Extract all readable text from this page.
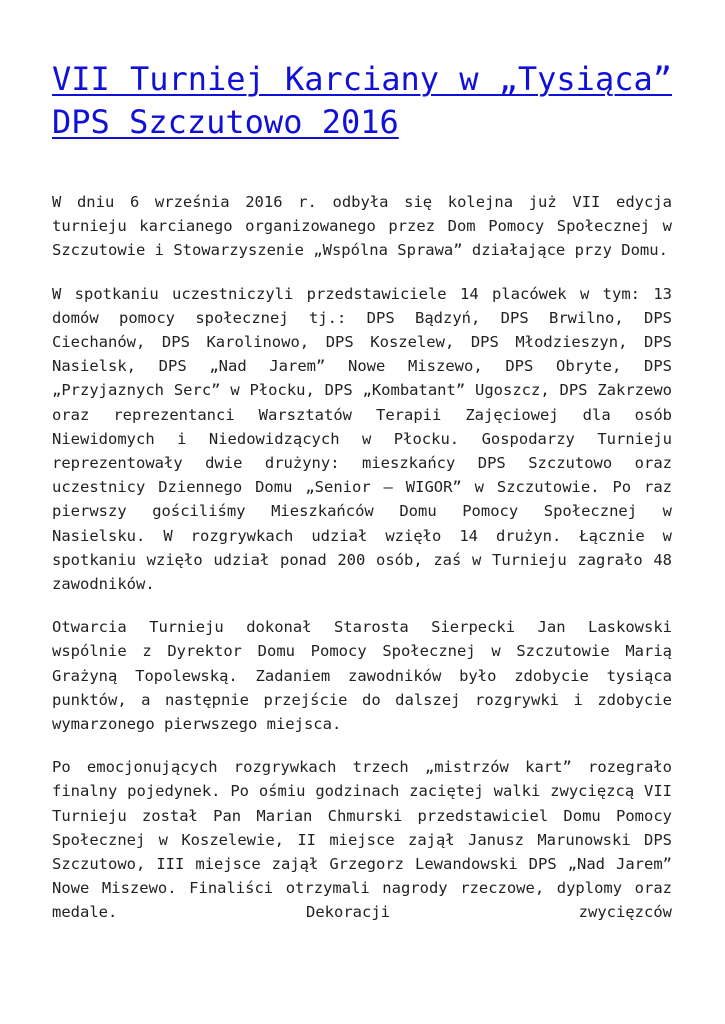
VII Turniej Karciany w „Tysiąca” DPS Szczutowo 2016

W dniu 6 września 2016 r. odbyła się kolejna już VII edycja turnieju karcianego organizowanego przez Dom Pomocy Społecznej w Szczutowie i Stowarzyszenie „Wspólna Sprawa” działające przy Domu.

W spotkaniu uczestniczyli przedstawiciele 14 placówek w tym: 13 domów pomocy społecznej tj.: DPS Bądzyń, DPS Brwilno, DPS Ciechanów, DPS Karolinowo, DPS Koszelew, DPS Młodzieszyn, DPS Nasielsk, DPS „Nad Jarem” Nowe Miszewo, DPS Obryte, DPS „Przyjaznych Serc” w Płocku, DPS „Kombatant” Ugoszcz, DPS Zakrzewo oraz reprezentanci Warsztatów Terapii Zajęciowej dla osób Niewidomych i Niedowidzących w Płocku. Gospodarzy Turnieju reprezentowały dwie drużyny: mieszkańcy DPS Szczutowo oraz uczestnicy Dziennego Domu „Senior – WIGOR” w Szczutowie. Po raz pierwszy gościliśmy Mieszkańców Domu Pomocy Społecznej w Nasielsku. W rozgrywkach udział wzięło 14 drużyn. Łącznie w spotkaniu wzięło udział ponad 200 osób, zaś w Turnieju zagrało 48 zawodników.

Otwarcia Turnieju dokonał Starosta Sierpecki Jan Laskowski wspólnie z Dyrektor Domu Pomocy Społecznej w Szczutowie Marią Grażyną Topolewską. Zadaniem zawodników było zdobycie tysiąca punktów, a następnie przejście do dalszej rozgrywki i zdobycie wymarzonego pierwszego miejsca.

Po emocjonujących rozgrywkach trzech „mistrzów kart” rozegrało finalny pojedynek. Po ośmiu godzinach zaciętej walki zwycięzcą VII Turnieju został Pan Marian Chmurski przedstawiciel Domu Pomocy Społecznej w Koszelewie, II miejsce zajął Janusz Marunowski DPS Szczutowo, III miejsce zajął Grzegorz Lewandowski DPS „Nad Jarem” Nowe Miszewo. Finaliści otrzymali nagrody rzeczowe, dyplomy oraz medale. Dekoracji zwycięzców
